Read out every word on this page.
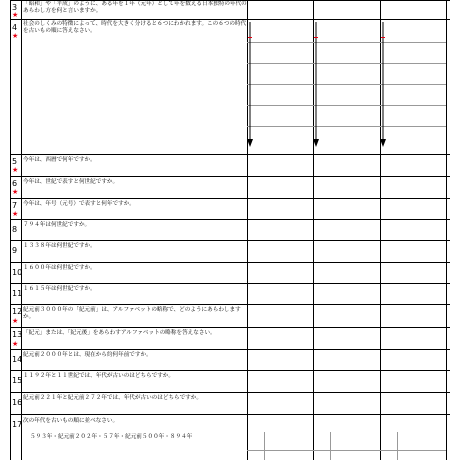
3
★
「昭和」や「平成」のように、ある年を１年（元年）として年を数える日本独特の年代のあらわし方を何と言いますか。
4
★
社会のしくみの特徴によって、時代を大きく分けると６つにわかれます。この６つの時代を古いもの順に答えなさい。
5
★
今年は、西暦で何年ですか。
6
★
今年は、世紀で表すと何世紀ですか。
7
★
今年は、年号（元号）で表すと何年ですか。
8	７９４年は何世紀ですか。
9	１３３８年は何世紀ですか。
10 １６００年は何世紀ですか。
11 １６１５年は何世紀ですか。
12
★
紀元前３０００年の「紀元前」は、アルファベットの略称で、どのようにあらわしますか。
13
★
「紀元」または、「紀元後」をあらわすアルファベットの略称を答えなさい。
14 紀元前２０００年とは、現在から約何年前ですか。
15 １１９２年と１１世紀では、年代が古いのはどちらですか。
16 紀元前２２１年と紀元前２７２年では、年代が古いのはどちらですか。
17 次の年代を古いもの順に並べなさい。
５９３年・紀元前２０２年・５７年・紀元前５００年・８９４年
